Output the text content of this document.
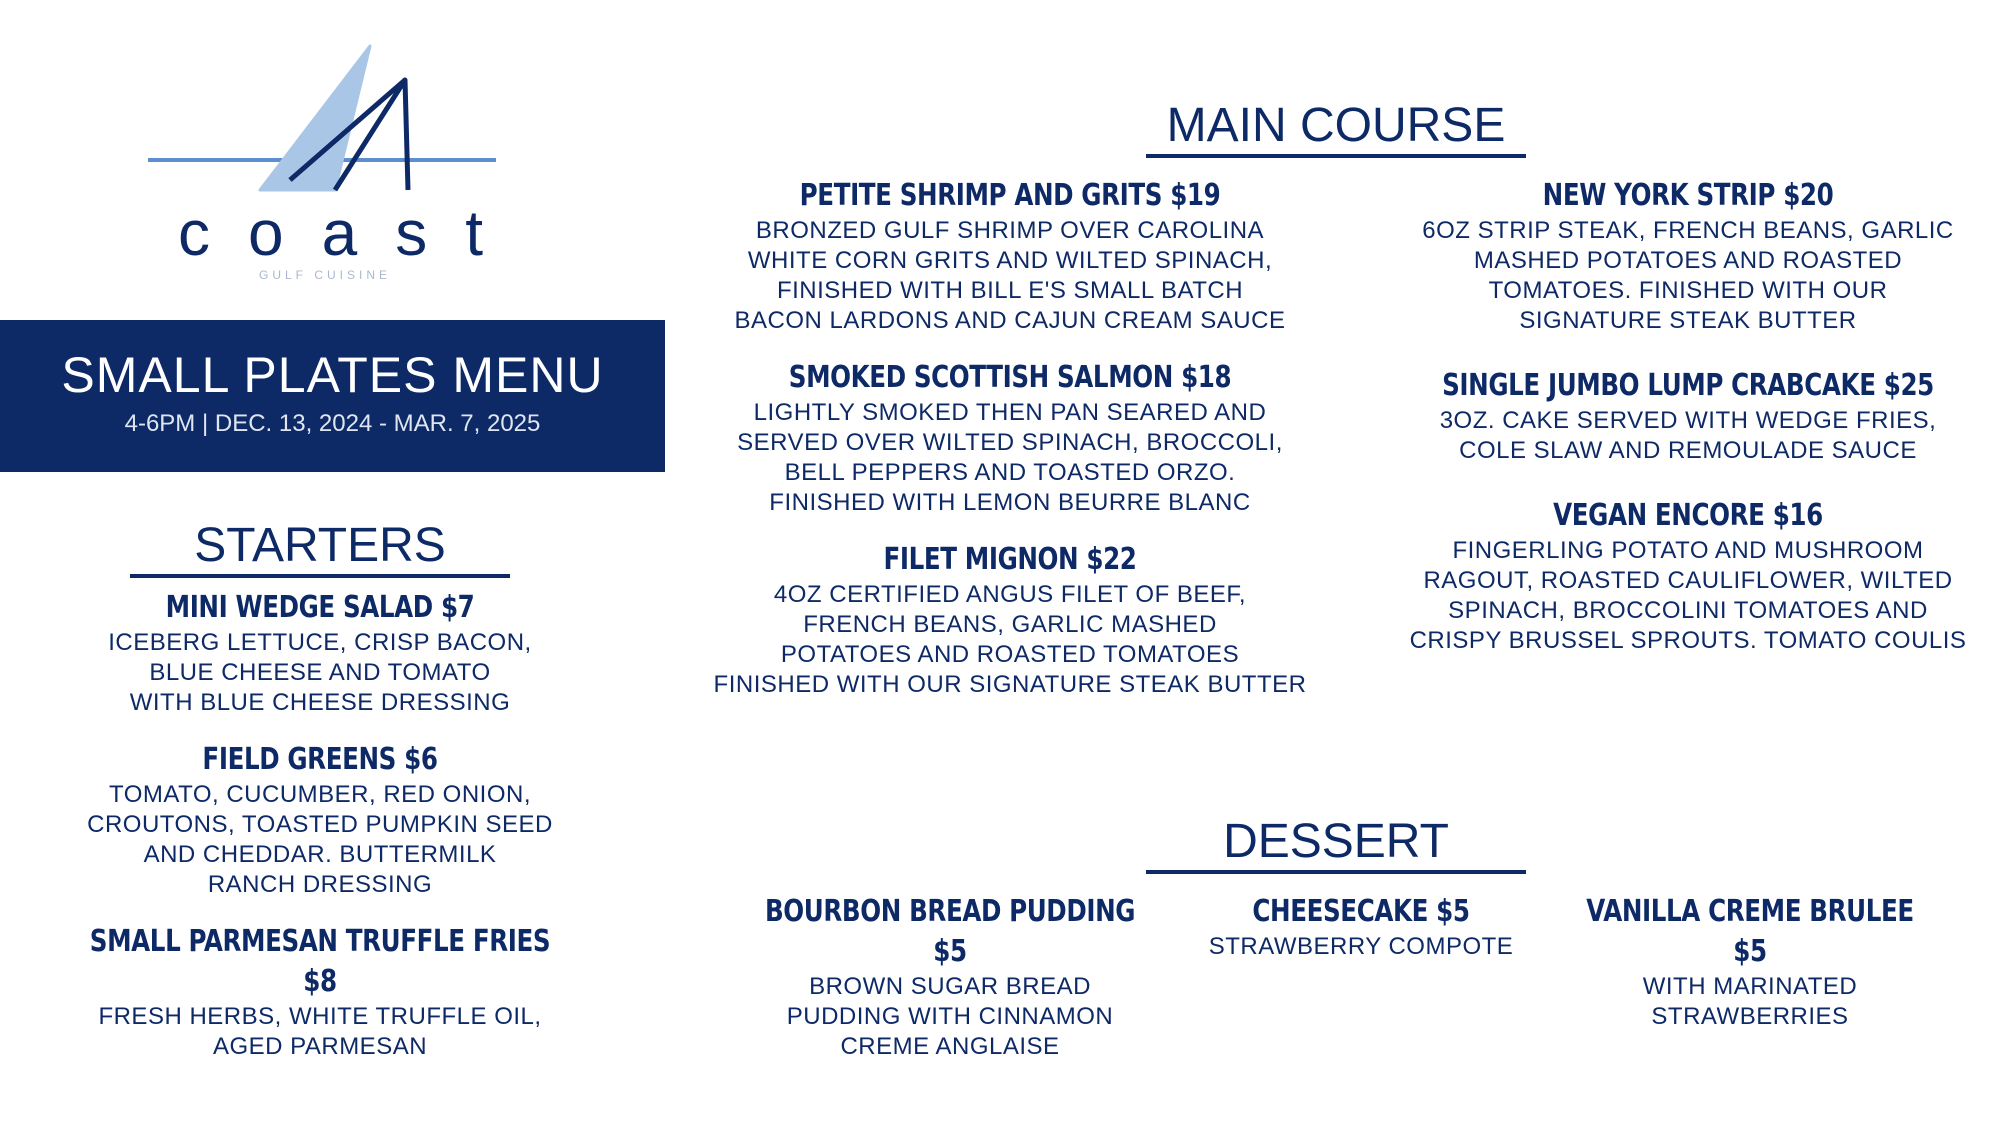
coast
GULF CUISINE
SMALL PLATES MENU
4-6PM | DEC. 13, 2024 - MAR. 7, 2025
STARTERS
MINI WEDGE SALAD $7
ICEBERG LETTUCE, CRISP BACON,
BLUE CHEESE AND TOMATO
WITH BLUE CHEESE DRESSING
FIELD GREENS $6
TOMATO, CUCUMBER, RED ONION,
CROUTONS, TOASTED PUMPKIN SEED
AND CHEDDAR. BUTTERMILK
RANCH DRESSING
SMALL PARMESAN TRUFFLE FRIES $8
FRESH HERBS, WHITE TRUFFLE OIL,
AGED PARMESAN
MAIN COURSE
PETITE SHRIMP AND GRITS $19
BRONZED GULF SHRIMP OVER CAROLINA
WHITE CORN GRITS AND WILTED SPINACH,
FINISHED WITH BILL E'S SMALL BATCH
BACON LARDONS AND CAJUN CREAM SAUCE
SMOKED SCOTTISH SALMON $18
LIGHTLY SMOKED THEN PAN SEARED AND
SERVED OVER WILTED SPINACH, BROCCOLI,
BELL PEPPERS AND TOASTED ORZO.
FINISHED WITH LEMON BEURRE BLANC
FILET MIGNON $22
4OZ CERTIFIED ANGUS FILET OF BEEF,
FRENCH BEANS, GARLIC MASHED
POTATOES AND ROASTED TOMATOES
FINISHED WITH OUR SIGNATURE STEAK BUTTER
NEW YORK STRIP $20
6OZ STRIP STEAK, FRENCH BEANS, GARLIC
MASHED POTATOES AND ROASTED
TOMATOES. FINISHED WITH OUR
SIGNATURE STEAK BUTTER
SINGLE JUMBO LUMP CRABCAKE $25
3OZ. CAKE SERVED WITH WEDGE FRIES,
COLE SLAW AND REMOULADE SAUCE
VEGAN ENCORE $16
FINGERLING POTATO AND MUSHROOM
RAGOUT, ROASTED CAULIFLOWER, WILTED
SPINACH, BROCCOLINI TOMATOES AND
CRISPY BRUSSEL SPROUTS. TOMATO COULIS
DESSERT
BOURBON BREAD PUDDING $5
BROWN SUGAR BREAD
PUDDING WITH CINNAMON
CREME ANGLAISE
CHEESECAKE $5
STRAWBERRY COMPOTE
VANILLA CREME BRULEE $5
WITH MARINATED
STRAWBERRIES
